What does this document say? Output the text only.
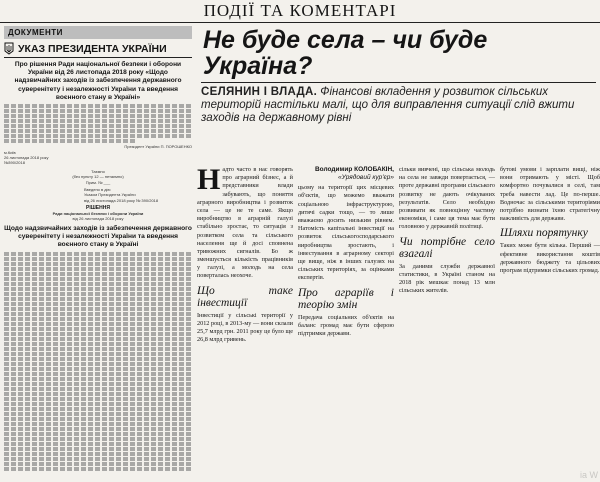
ПОДІЇ ТА КОМЕНТАРІ
ДОКУМЕНТИ
УКАЗ ПРЕЗИДЕНТА УКРАЇНИ
Про рішення Ради національної безпеки і оборони України від 26 листопада 2018 року «Щодо надзвичайних заходів із забезпечення державного суверенітету і незалежності України та введення воєнного стану в Україні»
Президент України П. ПОРОШЕНКО
м.Київ
26 листопада 2018 року
№390/2018
Таємно
(без пункту 12 — нетаємно)
Прим. № ___
Введено в дію
Указом Президента України
від 26 листопада 2018 року № 390/2018
РІШЕННЯ
Ради національної безпеки і оборони України
від 26 листопада 2018 року
Щодо надзвичайних заходів із забезпечення державного суверенітету і незалежності України та введення воєнного стану в Україні
Не буде села – чи буде Україна?
СЕЛЯНИН І ВЛАДА. Фінансові вкладення у розвиток сільських територій настільки малі, що для виправлення ситуації слід вжити заходів на державному рівні
Н адто часто в нас говорять про аграрний бізнес, а й представники влади забувають, що поняття аграрного виробництва і розвиток села — це не те саме. Якщо виробництво в аграрній галузі стабільно зростає, то ситуація з розвитком села та сільського населення ще й досі сповнена тривожних сигналів. Бо ж зменшується кількість працівників у галузі, а молодь на села поверталась неохоче.
Що таке інвестиції
Інвестиції у сільські території у 2012 році, в 2013-му — вони склали 25,7 млрд грн. 2011 року це було ще 26,8 млрд гривень.
Володимир КОЛОБАКІН,
«Урядовий кур'єр»
цьому на території цих місцевих об'єктів, що можемо вважати соціальною інфраструктурою, дитячі садки тощо, — то лише вважаємо досить низьким рівнем. Натомість капітальні інвестиції на розвиток сільськогосподарського виробництва зростають, і інвестування в аграрному секторі ще вище, ніж в інших галузях на сільських територіях, за оцінками експертів.
Про аграріїв і теорію змін
Передача соціальних об'єктів на баланс громад має бути сферою підтримки держави.
сільки вивчені, що сільська молодь на села не завжди повертається, — проте державні програми сільського розвитку не дають очікуваних результатів. Село необхідно розвивати як повноцінну частину економіки, і саме ця тема має бути головною у державній політиці.
Чи потрібне село взагалі
За даними служби державної статистики, в Україні станом на 2018 рік мешкає понад 13 млн сільських жителів.
бутові умови і зарплати вищі, ніж вони отримають у місті. Щоб комфортно почувалися в селі, там треба навести лад. Це по-перше. Водночас за сільськими територіями потрібно визнати їхню стратегічну важливість для держави.
Шляхи порятунку
Таких може бути кілька. Перший — ефективне використання коштів державного бюджету та цільових програм підтримки сільських громад.
ia W
